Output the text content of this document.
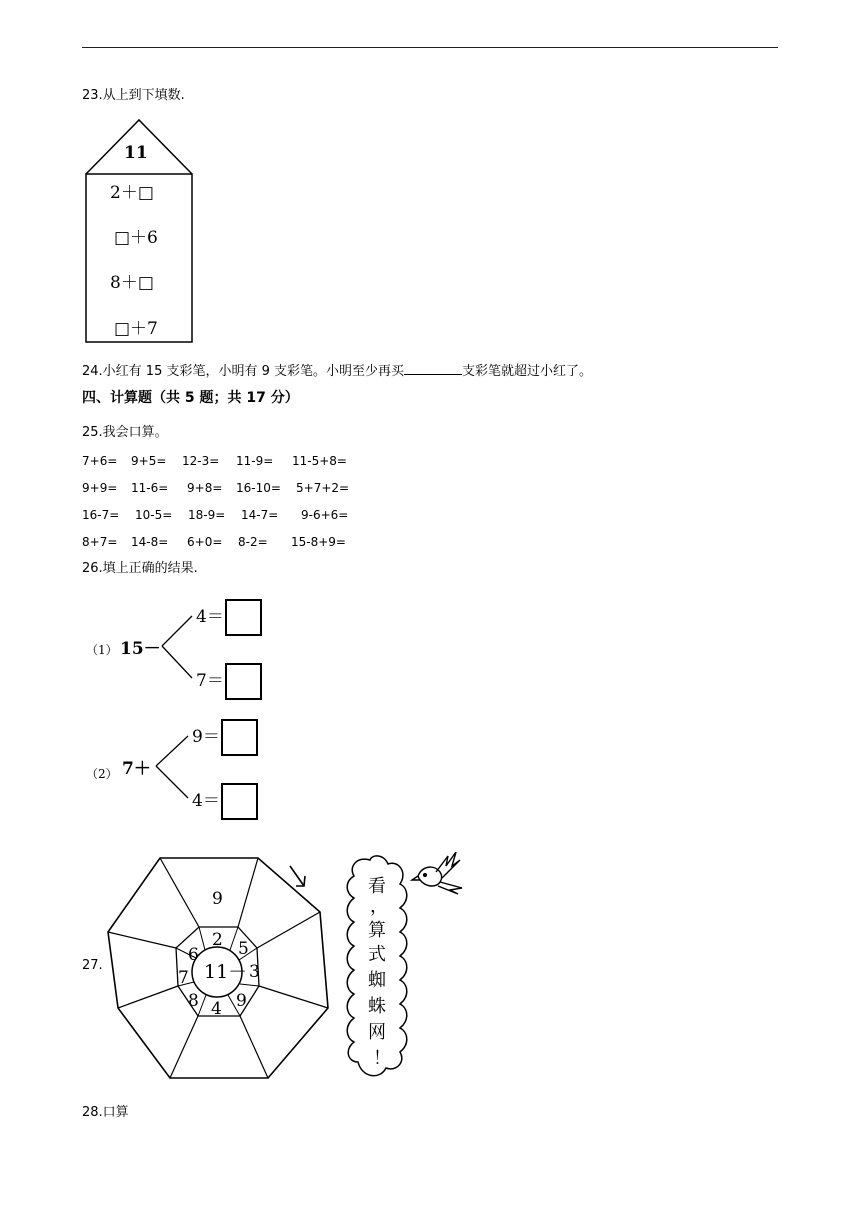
23.从上到下填数.
11
2＋□
□＋6
8＋□
□＋7
24.小红有 15 支彩笔，小明有 9 支彩笔。小明至少再买	支彩笔就超过小红了。
四、计算题（共 5 题；共 17 分）
25.我会口算。
7+6= 9+5= 12-3= 11-9= 11-5+8=
9+9= 11-6= 9+8= 16-10= 5+7+2=
16-7= 10-5= 18-9= 14-7= 9-6+6=
8+7= 14-8= 6+0= 8-2= 15-8+9=
26.填上正确的结果.
（1） 15－
4＝
7＝
（2） 7＋
9＝
4＝
27.	11－
9
2 5
3
9
4
8
7
6
看
，
算
式
蜘
蛛
网
！
28.口算
